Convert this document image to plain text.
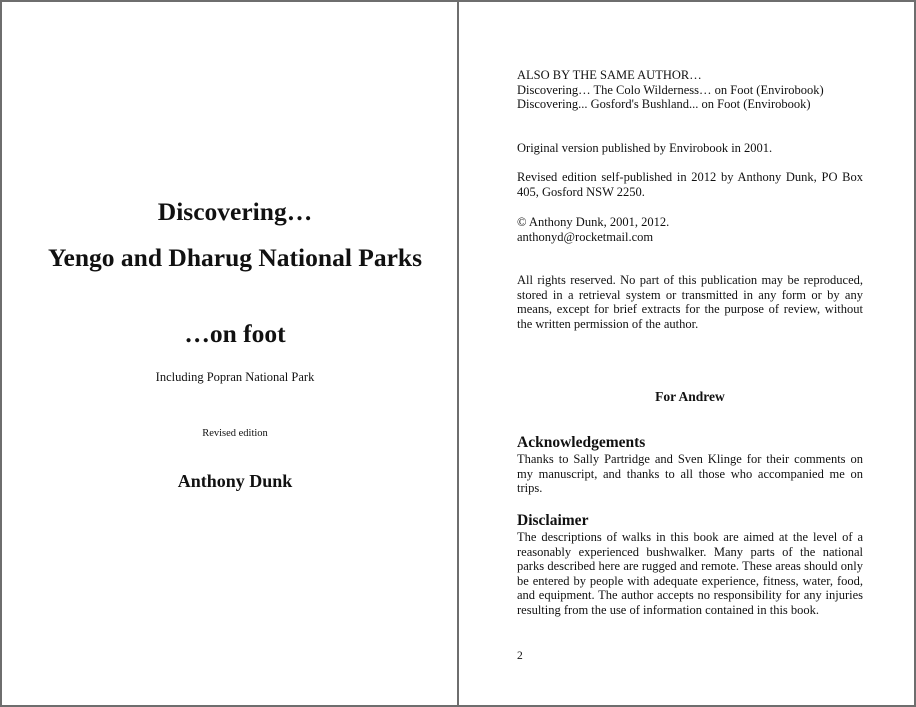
Discovering…

Yengo and Dharug National Parks

…on foot

Including Popran National Park
Revised edition
Anthony Dunk
ALSO BY THE SAME AUTHOR…
Discovering… The Colo Wilderness… on Foot (Envirobook)
Discovering... Gosford's Bushland... on Foot (Envirobook)

Original version published by Envirobook in 2001.

Revised edition self-published in 2012 by Anthony Dunk, PO Box 405, Gosford NSW 2250.

© Anthony Dunk, 2001, 2012.
anthonyd@rocketmail.com

All rights reserved. No part of this publication may be reproduced, stored in a retrieval system or transmitted in any form or by any means, except for brief extracts for the purpose of review, without the written permission of the author.

For Andrew
Acknowledgements

Thanks to Sally Partridge and Sven Klinge for their comments on my manuscript, and thanks to all those who accompanied me on trips.

Disclaimer

The descriptions of walks in this book are aimed at the level of a reasonably experienced bushwalker. Many parts of the national parks described here are rugged and remote. These areas should only be entered by people with adequate experience, fitness, water, food, and equipment. The author accepts no responsibility for any injuries resulting from the use of information contained in this book.

2
